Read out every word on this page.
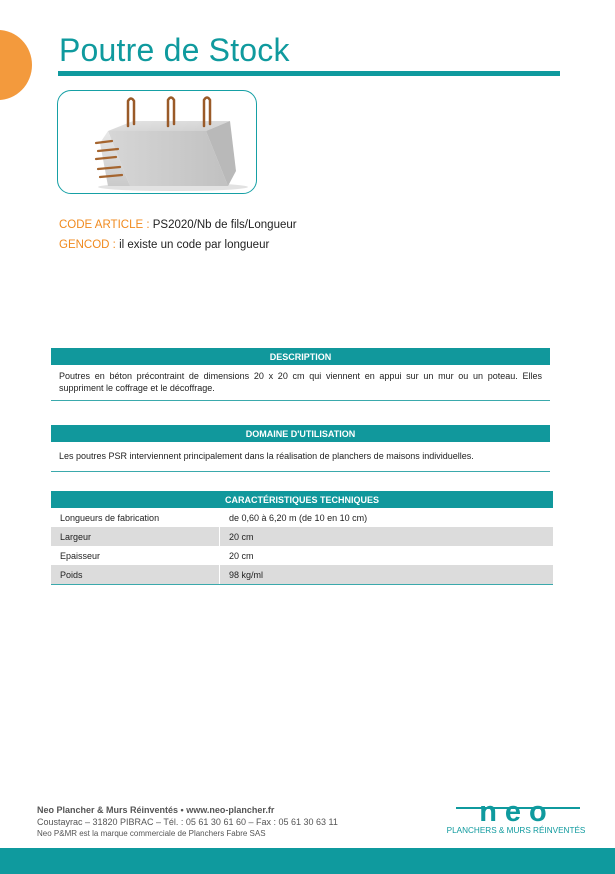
Poutre de Stock
CODE ARTICLE : PS2020/Nb de fils/Longueur
GENCOD : il existe un code par longueur
DESCRIPTION
Poutres en béton précontraint de dimensions 20 x 20 cm qui viennent en appui sur un mur ou un poteau. Elles suppriment le coffrage et le décoffrage.
DOMAINE D'UTILISATION
Les poutres PSR interviennent principalement dans la réalisation de planchers de maisons individuelles.
CARACTÉRISTIQUES TECHNIQUES	
Longueurs de fabrication	de 0,60 à 6,20 m (de 10 en 10 cm)
Largeur	20 cm
Epaisseur	20 cm
Poids	98 kg/ml
Neo Plancher & Murs Réinventés • www.neo-plancher.fr
Coustayrac – 31820 PIBRAC – Tél. : 05 61 30 61 60 – Fax : 05 61 30 63 11
Neo P&MR est la marque commerciale de Planchers Fabre SAS
neo
PLANCHERS & MURS RÉINVENTÉS
